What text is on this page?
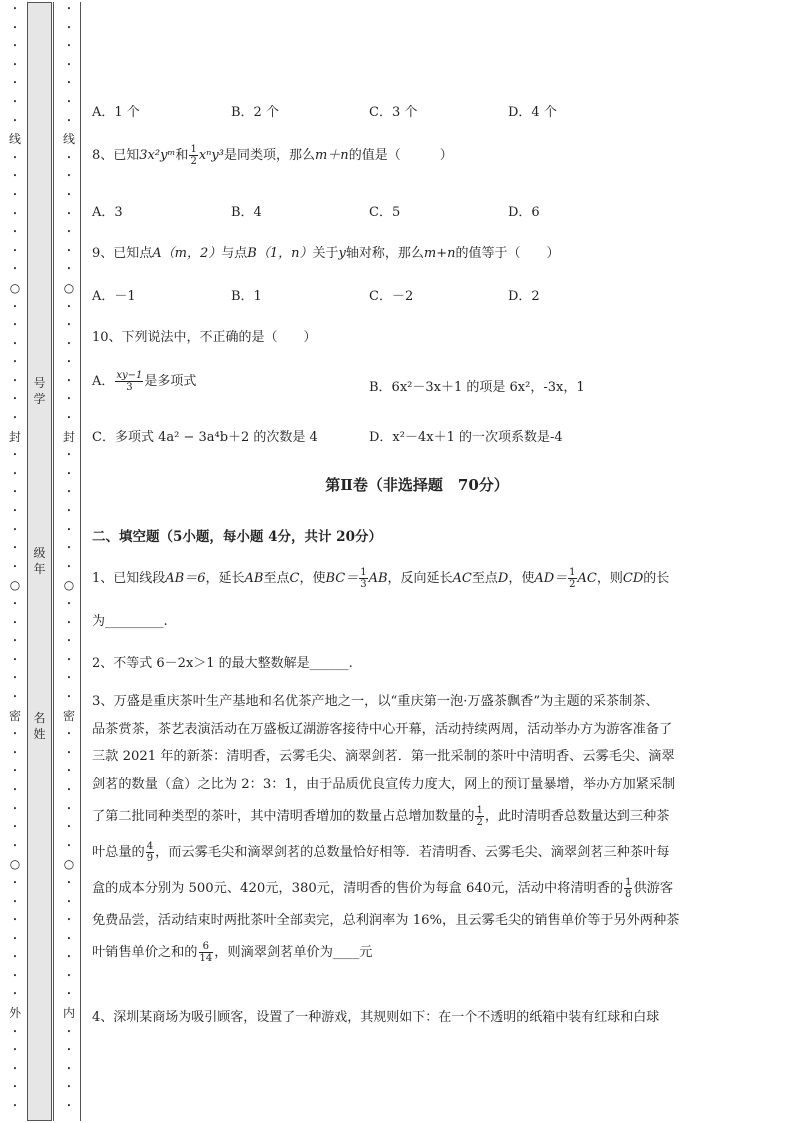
•
•
•
•
•
•
•
线
•
•
•
•
•
•
•
○
•
•
•
•
•
•
•
封
•
•
•
•
•
•
•
○
•
•
•
•
•
•
密
•
•
•
•
•
•
•
○
•
•
•
•
•
•
•
外
•
•
•
•
•
•
•
•
•
•
•
•
线
•
•
•
•
•
•
•
○
•
•
•
•
•
•
•
封
•
•
•
•
•
•
•
○
•
•
•
•
•
•
密
•
•
•
•
•
•
•
○
•
•
•
•
•
•
•
内
•
•
•
•
•
号学
级年
名姓
A．1 个	B．2 个	C．3 个	D．4 个
8、已知3x²yᵐ和 $\frac{1}{2} x^ny^3$是同类项，那么m＋n的值是（　　　）
A．3	B．4	C．5	D．6
9、已知点A（m，2）与点B（1，n）关于y轴对称，那么m+n的值等于（　　）
A．－1	B．1	C．－2	D．2
10、下列说法中，不正确的是（　　）
A． $\frac{xy-1}{3}$ 是多项式	B．6x²－3x＋1 的项是 6x²，-3x，1
C．多项式 4a² − 3a⁴b＋2 的次数是 4	D．x²－4x＋1 的一次项系数是-4
第Ⅱ卷（非选择题　70分）
二、填空题（5小题，每小题 4分，共计 20分）
1、已知线段AB＝6，延长AB至点C，使$BC= \frac{1}{3}$ AB，反向延长AC至点D，使$AD= \frac{1}{2}$ AC，则CD的长
为_________.
2、不等式 6－2x＞1 的最大整数解是______.
3、万盛是重庆茶叶生产基地和名优茶产地之一，以“重庆第一泡·万盛茶飘香”为主题的采茶制茶、
品茶赏茶，茶艺表演活动在万盛板辽湖游客接待中心开幕，活动持续两周，活动举办方为游客准备了
三款 2021 年的新茶：清明香，云雾毛尖、滴翠剑茗．第一批采制的茶叶中清明香、云雾毛尖、滴翠
剑茗的数量（盒）之比为 2：3：1，由于品质优良宣传力度大，网上的预订量暴增，举办方加紧采制
了第二批同种类型的茶叶，其中清明香增加的数量占总增加数量的 $\frac{1}{2}$ ，此时清明香总数量达到三种茶
叶总量的 $\frac{4}{9}$ ，而云雾毛尖和滴翠剑茗的总数量恰好相等．若清明香、云雾毛尖、滴翠剑茗三种茶叶每
盒的成本分别为 500元、420元，380元，清明香的售价为每盒 640元，活动中将清明香的 $\frac{1}{8}$ 供游客
免费品尝，活动结束时两批茶叶全部卖完，总利润率为 16%，且云雾毛尖的销售单价等于另外两种茶
叶销售单价之和的 $\frac{6}{14}$ ，则滴翠剑茗单价为____元
4、深圳某商场为吸引顾客，设置了一种游戏，其规则如下：在一个不透明的纸箱中装有红球和白球
